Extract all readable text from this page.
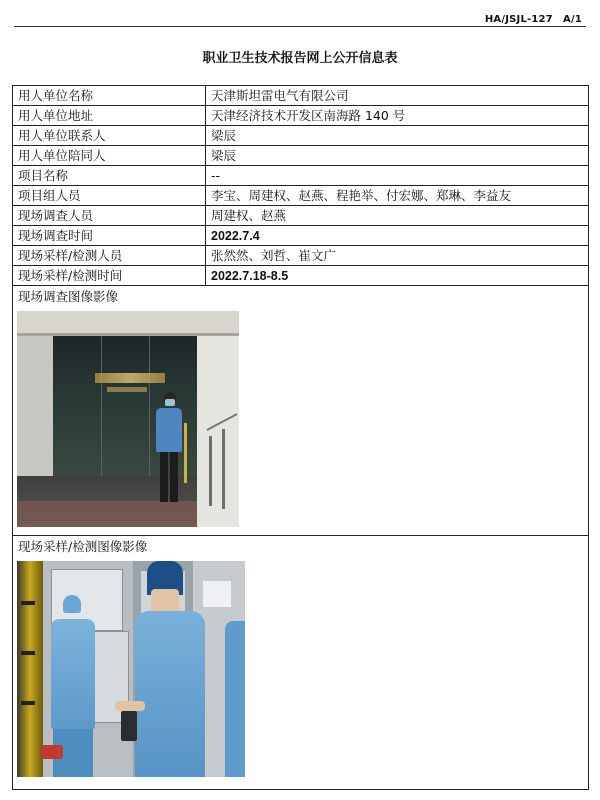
HA/JSJL-127　A/1
职业卫生技术报告网上公开信息表
用人单位名称	天津斯坦雷电气有限公司
用人单位地址	天津经济技术开发区南海路 140 号
用人单位联系人	梁辰
用人单位陪同人	梁辰
项目名称	--
项目组人员	李宝、周建权、赵燕、程艳举、付宏娜、郑琳、李益友
现场调查人员	周建权、赵燕
现场调查时间	2022.7.4
现场采样/检测人员	张然然、刘哲、崔文广
现场采样/检测时间	2022.7.18-8.5
现场调查图像影像
现场采样/检测图像影像
